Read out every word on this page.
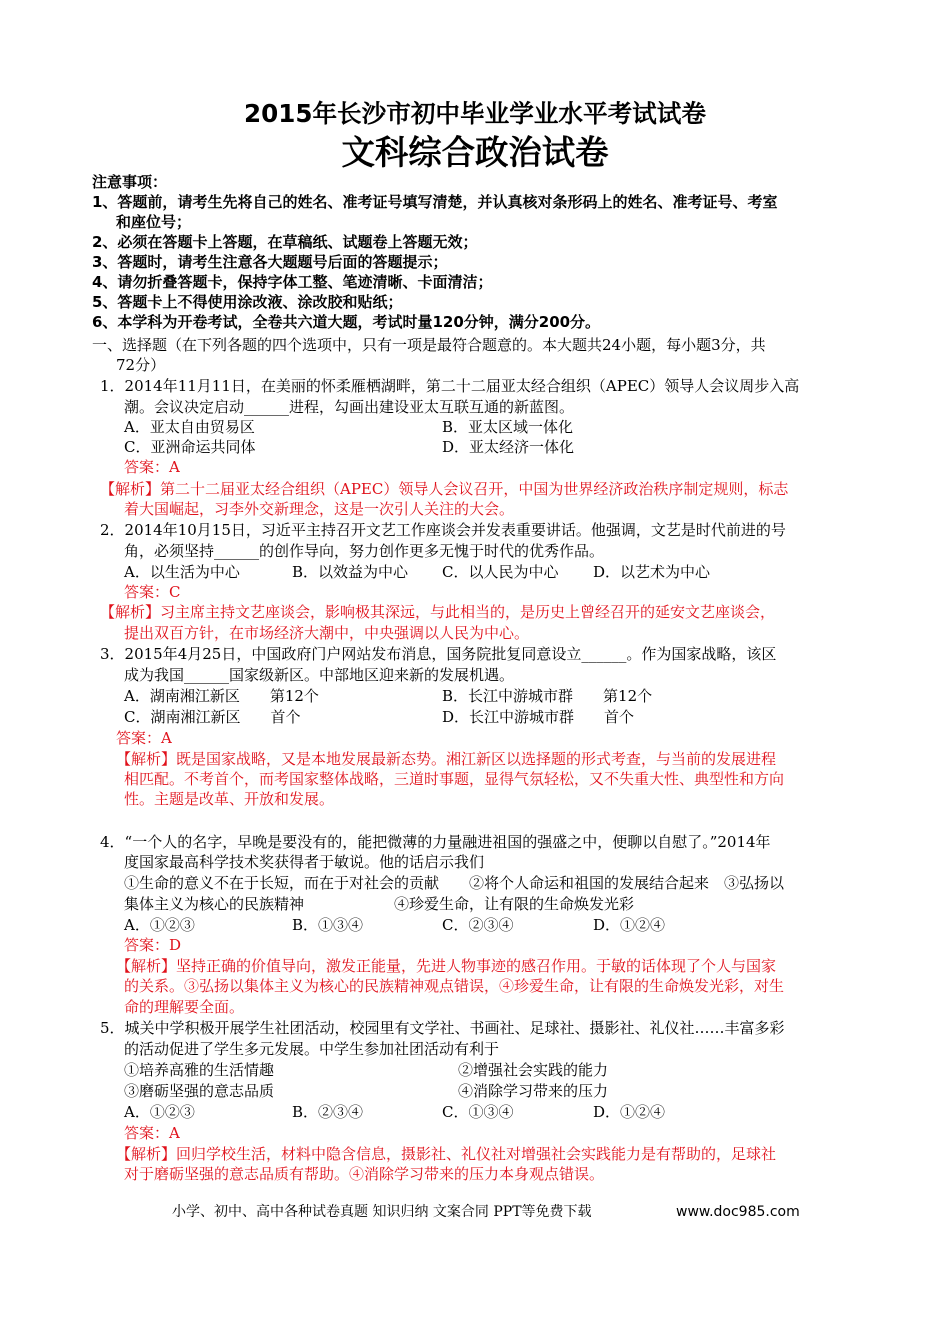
2015年长沙市初中毕业学业水平考试试卷
文科综合政治试卷
注意事项：
1、答题前，请考生先将自己的姓名、准考证号填写清楚，并认真核对条形码上的姓名、准考证号、考室
和座位号；
2、必须在答题卡上答题，在草稿纸、试题卷上答题无效；
3、答题时，请考生注意各大题题号后面的答题提示；
4、请勿折叠答题卡，保持字体工整、笔迹清晰、卡面清洁；
5、答题卡上不得使用涂改液、涂改胶和贴纸；
6、本学科为开卷考试，全卷共六道大题，考试时量120分钟，满分200分。
一、选择题（在下列各题的四个选项中，只有一项是最符合题意的。本大题共24小题，每小题3分，共
72分）
1．2014年11月11日，在美丽的怀柔雁栖湖畔，第二十二届亚太经合组织（APEC）领导人会议周步入高
潮。会议决定启动______进程，勾画出建设亚太互联互通的新蓝图。
A．亚太自由贸易区	B．亚太区域一体化
C．亚洲命运共同体	D．亚太经济一体化
答案：A
【解析】第二十二届亚太经合组织（APEC）领导人会议召开，中国为世界经济政治秩序制定规则，标志
着大国崛起，习李外交新理念，这是一次引人关注的大会。
2．2014年10月15日，习近平主持召开文艺工作座谈会并发表重要讲话。他强调，文艺是时代前进的号
角，必须坚持______的创作导向，努力创作更多无愧于时代的优秀作品。
A．以生活为中心	B．以效益为中心 C．以人民为中心 D．以艺术为中心
答案：C
【解析】习主席主持文艺座谈会，影响极其深远，与此相当的，是历史上曾经召开的延安文艺座谈会，
提出双百方针，在市场经济大潮中，中央强调以人民为中心。
3．2015年4月25日，中国政府门户网站发布消息，国务院批复同意设立______。作为国家战略，该区
成为我国______国家级新区。中部地区迎来新的发展机遇。
A．湖南湘江新区　　第12个	B．长江中游城市群　　第12个
C．湖南湘江新区　　首个	D．长江中游城市群　　首个
答案：A
【解析】既是国家战略，又是本地发展最新态势。湘江新区以选择题的形式考查，与当前的发展进程
相匹配。不考首个，而考国家整体战略，三道时事题，显得气氛轻松，又不失重大性、典型性和方向
性。主题是改革、开放和发展。
4．“一个人的名字，早晚是要没有的，能把微薄的力量融进祖国的强盛之中，便聊以自慰了。”2014年
度国家最高科学技术奖获得者于敏说。他的话启示我们
①生命的意义不在于长短，而在于对社会的贡献　　②将个人命运和祖国的发展结合起来　③弘扬以
集体主义为核心的民族精神　　　　　　④珍爱生命，让有限的生命焕发光彩
A．①②③	B．①③④	C．②③④	D．①②④
答案：D
【解析】坚持正确的价值导向，激发正能量，先进人物事迹的感召作用。于敏的话体现了个人与国家
的关系。③弘扬以集体主义为核心的民族精神观点错误，④珍爱生命，让有限的生命焕发光彩，对生
命的理解要全面。
5．城关中学积极开展学生社团活动，校园里有文学社、书画社、足球社、摄影社、礼仪社……丰富多彩
的活动促进了学生多元发展。中学生参加社团活动有利于
①培养高雅的生活情趣	②增强社会实践的能力
③磨砺坚强的意志品质	④消除学习带来的压力
A．①②③	B．②③④	C．①③④	D．①②④
答案：A
【解析】回归学校生活，材料中隐含信息，摄影社、礼仪社对增强社会实践能力是有帮助的，足球社
对于磨砺坚强的意志品质有帮助。④消除学习带来的压力本身观点错误。
小学、初中、高中各种试卷真题 知识归纳 文案合同 PPT等免费下载	www.doc985.com
